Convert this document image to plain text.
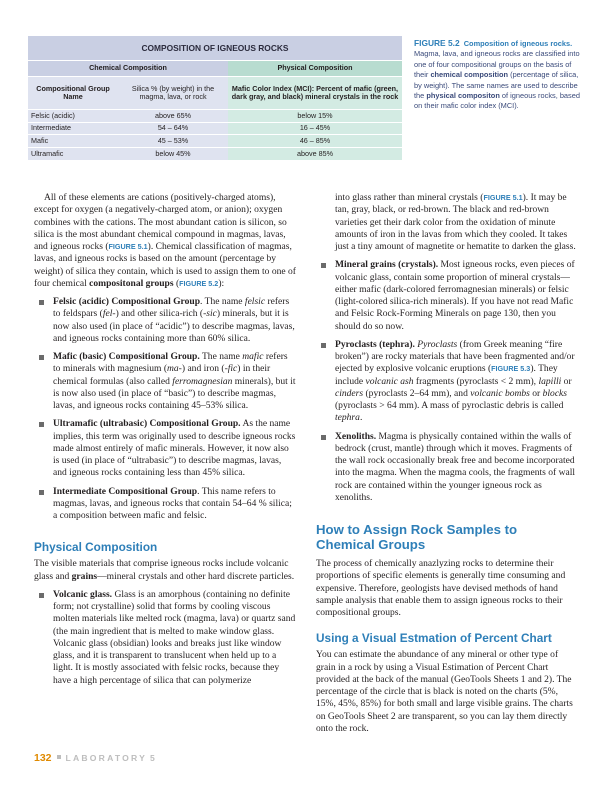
COMPOSITION OF IGNEOUS ROCKS		
Chemical Composition		Physical Composition
Compositional Group Name	Silica % (by weight) in the magma, lava, or rock	Mafic Color Index (MCI): Percent of mafic (green, dark gray, and black) mineral crystals in the rock
Felsic (acidic)	above 65%	below 15%
Intermediate	54 – 64%	16 – 45%
Mafic	45 – 53%	46 – 85%
Ultramafic	below 45%	above 85%
FIGURE 5.2 Composition of igneous rocks. Magma, lava, and igneous rocks are classified into one of four compositional groups on the basis of their chemical composition (percentage of silica, by weight). The same names are used to describe the physical compositon of igneous rocks, based on their mafic color index (MCI).

All of these elements are cations (positively-charged atoms), except for oxygen (a negatively-charged atom, or anion); oxygen combines with the cations. The most abundant cation is silicon, so silica is the most abundant chemical compound in magmas, lavas, and igneous rocks (FIGURE 5.1). Chemical classification of magmas, lavas, and igneous rocks is based on the amount (percentage by weight) of silica they contain, which is used to assign them to one of four chemical compositonal groups (FIGURE 5.2):

Felsic (acidic) Compositional Group. The name felsic refers to feldspars (fel-) and other silica-rich (-sic) minerals, but it is now also used (in place of “acidic”) to describe magmas, lavas, and igneous rocks containing more than 60% silica.

Mafic (basic) Compositional Group. The name mafic refers to minerals with magnesium (ma-) and iron (-fic) in their chemical formulas (also called ferromagnesian minerals), but it is now also used (in place of “basic”) to describe magmas, lavas, and igneous rocks containing 45–53% silica.

Ultramafic (ultrabasic) Compositional Group. As the name implies, this term was originally used to describe igneous rocks made almost entirely of mafic minerals. However, it now also is used (in place of “ultrabasic”) to describe magmas, lavas, and igneous rocks containing less than 45% silica.

Intermediate Compositional Group. This name refers to magmas, lavas, and igneous rocks that contain 54–64 % silica; a composition between mafic and felsic.

Physical Composition

The visible materials that comprise igneous rocks include volcanic glass and grains—mineral crystals and other hard discrete particles.

Volcanic glass. Glass is an amorphous (containing no definite form; not crystalline) solid that forms by cooling viscous molten materials like melted rock (magma, lava) or quartz sand (the main ingredient that is melted to make window glass. Volcanic glass (obsidian) looks and breaks just like window glass, and it is transparent to translucent when held up to a light. It is mostly associated with felsic rocks, because they have a high percentage of silica that can polymerize

into glass rather than mineral crystals (FIGURE 5.1). It may be tan, gray, black, or red-brown. The black and red-brown varieties get their dark color from the oxidation of minute amounts of iron in the lavas from which they cooled. It takes just a tiny amount of magnetite or hematite to darken the glass.

Mineral grains (crystals). Most igneous rocks, even pieces of volcanic glass, contain some proportion of mineral crystals—either mafic (dark-colored ferromagnesian minerals) or felsic (light-colored silica-rich minerals). If you have not read Mafic and Felsic Rock-Forming Minerals on page 130, then you should do so now.

Pyroclasts (tephra). Pyroclasts (from Greek meaning “fire broken”) are rocky materials that have been fragmented and/or ejected by explosive volcanic eruptions (FIGURE 5.3). They include volcanic ash fragments (pyroclasts < 2 mm), lapilli or cinders (pyroclasts 2–64 mm), and volcanic bombs or blocks (pyroclasts > 64 mm). A mass of pyroclastic debris is called tephra.

Xenoliths. Magma is physically contained within the walls of bedrock (crust, mantle) through which it moves. Fragments of the wall rock occasionally break free and become incorporated into the magma. When the magma cools, the fragments of wall rock are contained within the younger igneous rock as xenoliths.

How to Assign Rock Samples to Chemical Groups

The process of chemically anazlyzing rocks to determine their proportions of specific elements is generally time consuming and expensive. Therefore, geologists have devised methods of hand sample analysis that enable them to assign igneous rocks to their compositional groups.

Using a Visual Estmation of Percent Chart

You can estimate the abundance of any mineral or other type of grain in a rock by using a Visual Estimation of Percent Chart provided at the back of the manual (GeoTools Sheets 1 and 2). The percentage of the circle that is black is noted on the charts (5%, 15%, 45%, 85%) for both small and large visible grains. The charts on GeoTools Sheet 2 are transparent, so you can lay them directly onto the rock.

132 LABORATORY 5
